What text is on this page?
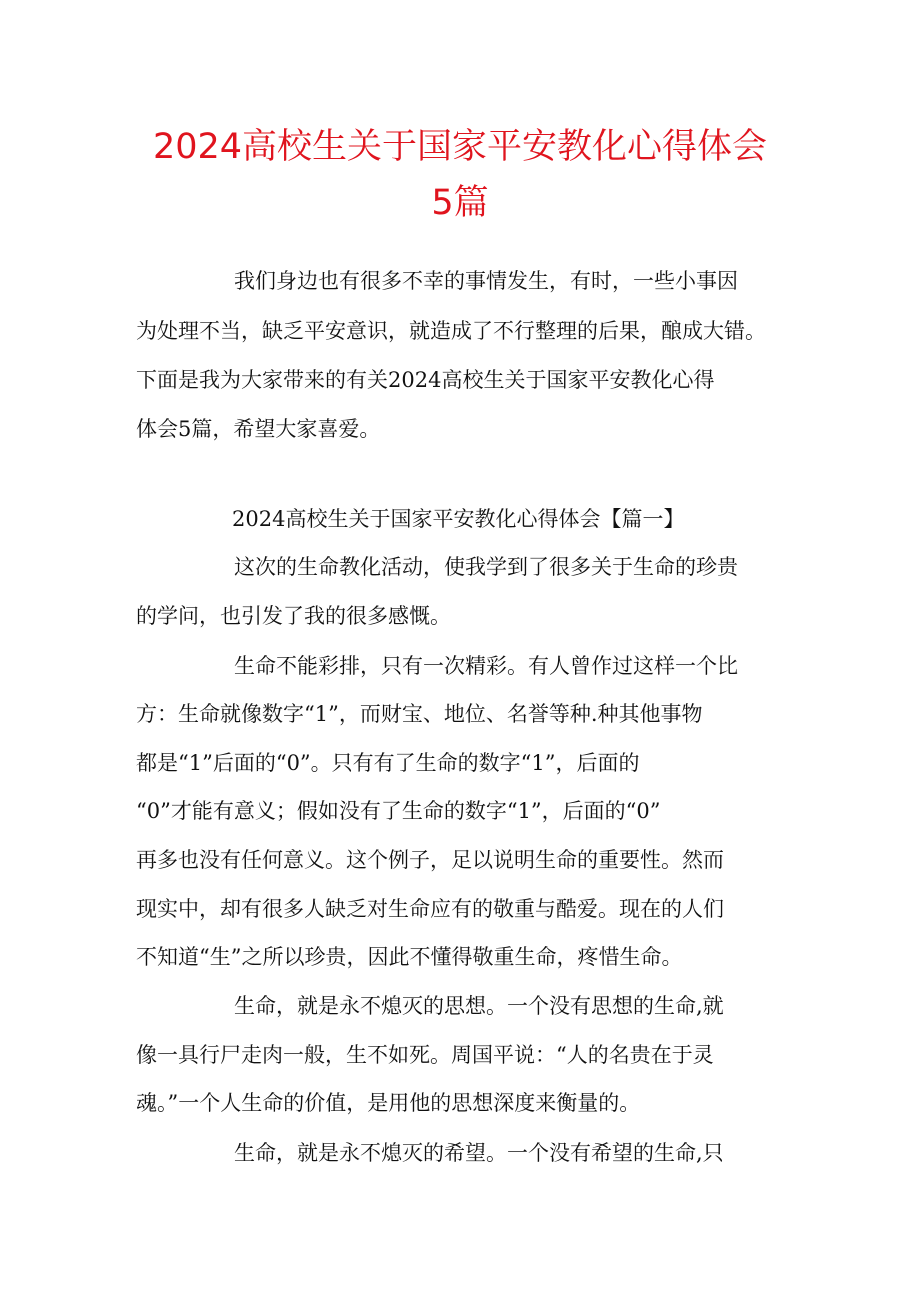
2024高校生关于国家平安教化心得体会
5篇

我们身边也有很多不幸的事情发生，有时，一些小事因

为处理不当，缺乏平安意识，就造成了不行整理的后果，酿成大错。

下面是我为大家带来的有关2024高校生关于国家平安教化心得

体会5篇，希望大家喜爱。

2024高校生关于国家平安教化心得体会【篇一】

这次的生命教化活动，使我学到了很多关于生命的珍贵

的学问，也引发了我的很多感慨。

生命不能彩排，只有一次精彩。有人曾作过这样一个比

方：生命就像数字“1”，而财宝、地位、名誉等种.种其他事物

都是“1”后面的“0”。只有有了生命的数字“1”，后面的

“0”才能有意义；假如没有了生命的数字“1”，后面的“0”

再多也没有任何意义。这个例子，足以说明生命的重要性。然而

现实中，却有很多人缺乏对生命应有的敬重与酷爱。现在的人们

不知道“生”之所以珍贵，因此不懂得敬重生命，疼惜生命。

生命，就是永不熄灭的思想。一个没有思想的生命,就

像一具行尸走肉一般，生不如死。周国平说：“人的名贵在于灵

魂。”一个人生命的价值，是用他的思想深度来衡量的。

生命，就是永不熄灭的希望。一个没有希望的生命,只
